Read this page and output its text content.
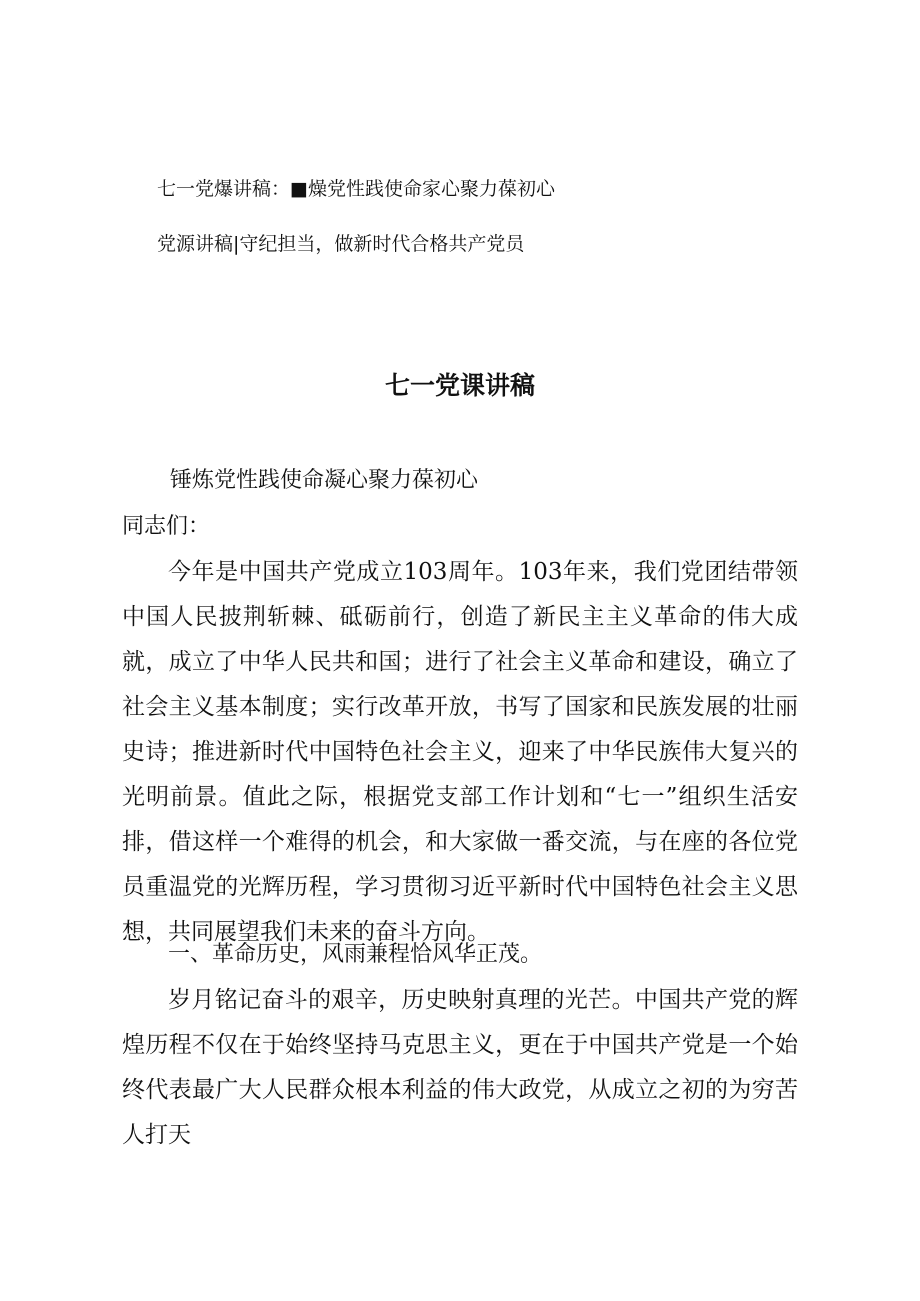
七一党爆讲稿：■燥党性践使命家心聚力葆初心
党源讲稿|守纪担当，做新时代合格共产党员
七一党课讲稿
锤炼党性践使命凝心聚力葆初心
同志们：

今年是中国共产党成立103周年。103年来，我们党团结带领中国人民披荆斩棘、砥砺前行，创造了新民主主义革命的伟大成就，成立了中华人民共和国；进行了社会主义革命和建设，确立了社会主义基本制度；实行改革开放，书写了国家和民族发展的壮丽史诗；推进新时代中国特色社会主义，迎来了中华民族伟大复兴的光明前景。值此之际，根据党支部工作计划和“七一”组织生活安排，借这样一个难得的机会，和大家做一番交流，与在座的各位党员重温党的光辉历程，学习贯彻习近平新时代中国特色社会主义思想，共同展望我们未来的奋斗方向。

一、革命历史，风雨兼程恰风华正茂。

岁月铭记奋斗的艰辛，历史映射真理的光芒。中国共产党的辉煌历程不仅在于始终坚持马克思主义，更在于中国共产党是一个始终代表最广大人民群众根本利益的伟大政党，从成立之初的为穷苦人打天
